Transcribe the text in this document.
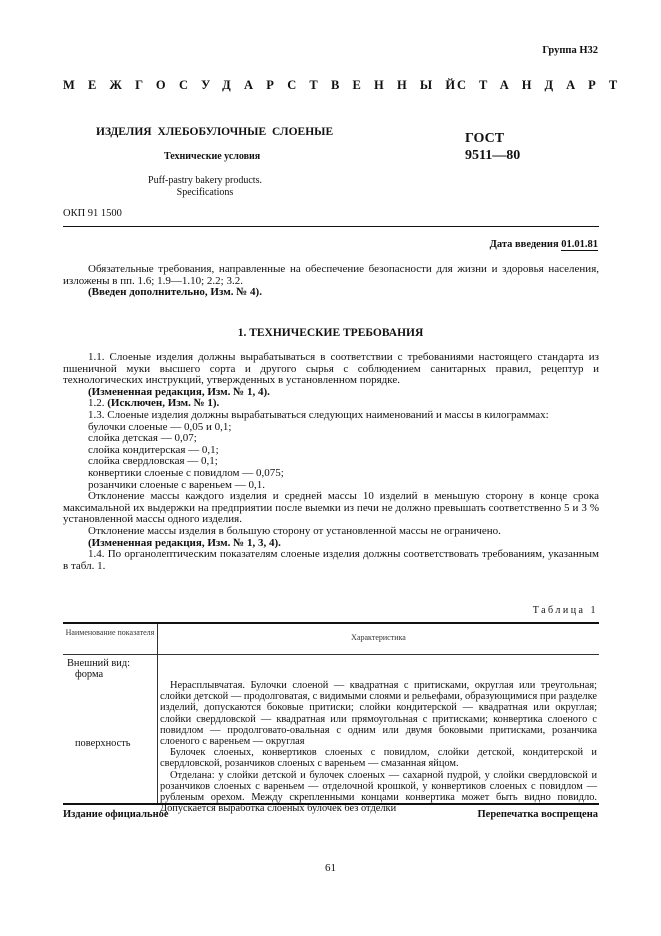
Группа Н32
МЕЖГОСУДАРСТВЕННЫЙ
СТАНДАРТ
ИЗДЕЛИЯ ХЛЕБОБУЛОЧНЫЕ СЛОЕНЫЕ
Технические условия
Puff-pastry bakery products.
Specifications
ГОСТ
9511—80
ОКП 91 1500
Дата введения 01.01.81
Обязательные требования, направленные на обеспечение безопасности для жизни и здоровья населения, изложены в пп. 1.6; 1.9—1.10; 2.2; 3.2.
(Введен дополнительно, Изм. № 4).
1. ТЕХНИЧЕСКИЕ ТРЕБОВАНИЯ
1.1. Слоеные изделия должны вырабатываться в соответствии с требованиями настоящего стандарта из пшеничной муки высшего сорта и другого сырья с соблюдением санитарных правил, рецептур и технологических инструкций, утвержденных в установленном порядке.
(Измененная редакция, Изм. № 1, 4).
1.2. (Исключен, Изм. № 1).
1.3. Слоеные изделия должны вырабатываться следующих наименований и массы в килограммах:
булочки слоеные — 0,05 и 0,1;
слойка детская — 0,07;
слойка кондитерская — 0,1;
слойка свердловская — 0,1;
конвертики слоеные с повидлом — 0,075;
розанчики слоеные с вареньем — 0,1.
Отклонение массы каждого изделия и средней массы 10 изделий в меньшую сторону в конце срока максимальной их выдержки на предприятии после выемки из печи не должно превышать соответственно 5 и 3 % установленной массы одного изделия.
Отклонение массы изделия в большую сторону от установленной массы не ограничено.
(Измененная редакция, Изм. № 1, 3, 4).
1.4. По органолептическим показателям слоеные изделия должны соответствовать требованиям, указанным в табл. 1.
Таблица 1
Наименование показателя
Характеристика
Внешний вид:
форма
поверхность
Нерасплывчатая. Булочки слоеной — квадратная с притисками, округлая или треугольная; слойки детской — продолговатая, с видимыми слоями и рельефами, образующимися при разделке изделий, допускаются боковые притиски; слойки кондитерской — квадратная или округлая; слойки свердловской — квадратная или прямоугольная с притисками; конвертика слоеного с повидлом — продолговато-овальная с одним или двумя боковыми притисками, розанчика слоеного с вареньем — округлая
Булочек слоеных, конвертиков слоеных с повидлом, слойки детской, кондитерской и свердловской, розанчиков слоеных с вареньем — смазанная яйцом.
Отделана: у слойки детской и булочек слоеных — сахарной пудрой, у слойки свердловской и розанчиков слоеных с вареньем — отделочной крошкой, у конвертиков слоеных с повидлом — рубленым орехом. Между скрепленными концами конвертика может быть видно повидло. Допускается выработка слоеных булочек без отделки
Издание официальное	Перепечатка воспрещена
61
